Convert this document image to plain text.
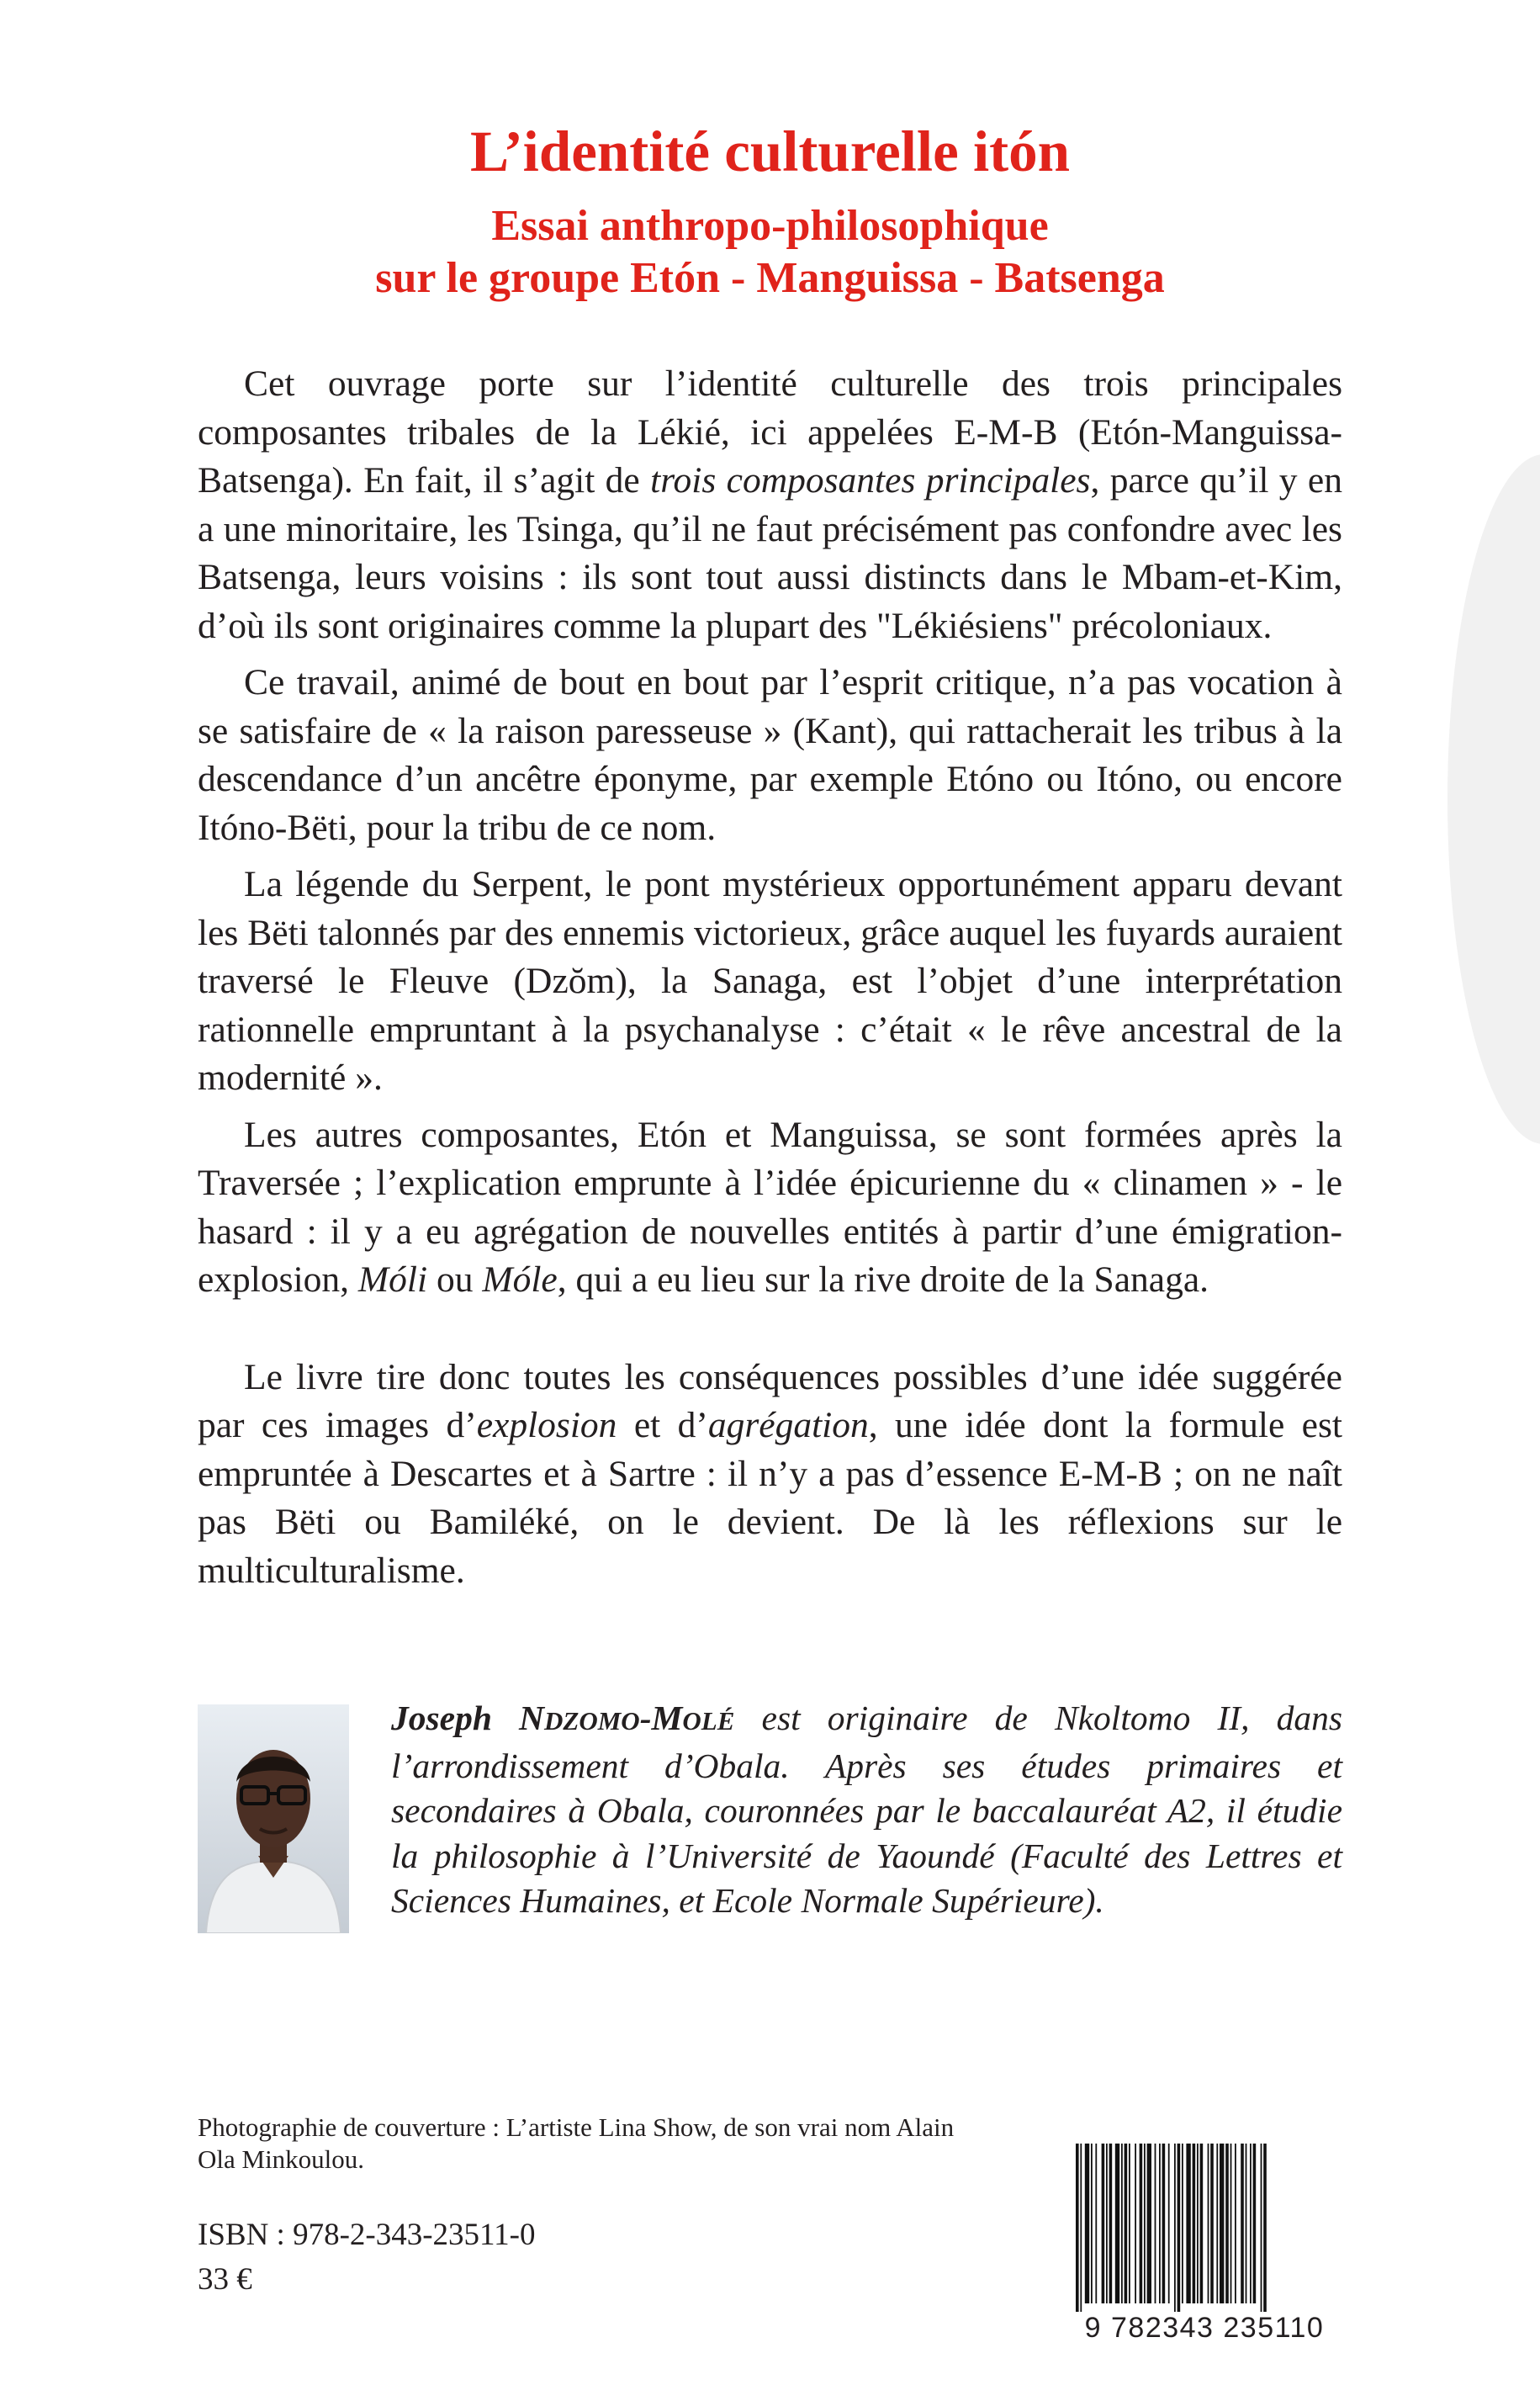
L’identité culturelle itón
Essai anthropo-philosophique
sur le groupe Etón - Manguissa - Batsenga

Cet ouvrage porte sur l’identité culturelle des trois principales composantes tribales de la Lékié, ici appelées E-M-B (Etón-Manguissa-Batsenga). En fait, il s’agit de trois composantes principales, parce qu’il y en a une minoritaire, les Tsinga, qu’il ne faut précisément pas confondre avec les Batsenga, leurs voisins : ils sont tout aussi distincts dans le Mbam-et-Kim, d’où ils sont originaires comme la plupart des "Lékiésiens" précoloniaux.

Ce travail, animé de bout en bout par l’esprit critique, n’a pas vocation à se satisfaire de « la raison paresseuse » (Kant), qui rattacherait les tribus à la descendance d’un ancêtre éponyme, par exemple Etóno ou Itóno, ou encore Itóno-Bëti, pour la tribu de ce nom.

La légende du Serpent, le pont mystérieux opportunément apparu devant les Bëti talonnés par des ennemis victorieux, grâce auquel les fuyards auraient traversé le Fleuve (Dzŏm), la Sanaga, est l’objet d’une interprétation rationnelle empruntant à la psychanalyse : c’était « le rêve ancestral de la modernité ».

Les autres composantes, Etón et Manguissa, se sont formées après la Traversée ; l’explication emprunte à l’idée épicurienne du « clinamen » - le hasard : il y a eu agrégation de nouvelles entités à partir d’une émigration-explosion, Móli ou Móle, qui a eu lieu sur la rive droite de la Sanaga.

Le livre tire donc toutes les conséquences possibles d’une idée suggérée par ces images d’explosion et d’agrégation, une idée dont la formule est empruntée à Descartes et à Sartre : il n’y a pas d’essence E-M-B ; on ne naît pas Bëti ou Bamiléké, on le devient. De là les réflexions sur le multiculturalisme.

Joseph NDZOMO-MOLÉ est originaire de Nkoltomo II, dans l’arrondissement d’Obala. Après ses études primaires et secondaires à Obala, couronnées par le baccalauréat A2, il étudie la philosophie à l’Université de Yaoundé (Faculté des Lettres et Sciences Humaines, et Ecole Normale Supérieure).
Photographie de couverture : L’artiste Lina Show, de son vrai nom Alain Ola Minkoulou.
ISBN : 978-2-343-23511-0
33 €
9 782343 235110
